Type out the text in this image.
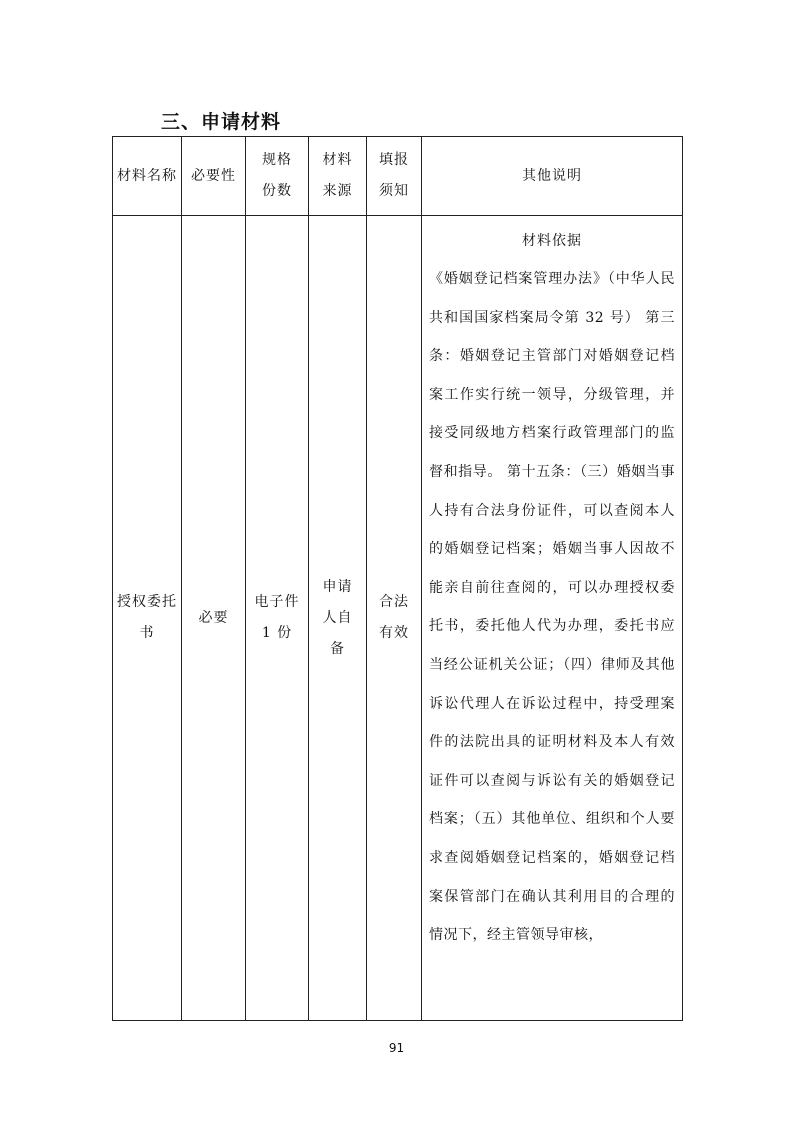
三、申请材料
材料名称	必要性	规格份数	材料来源	填报须知	其他说明

授权委托书	必要	电子件 1 份	申请人自备	合法有效	材料依据
《婚姻登记档案管理办法》（中华人民共和国国家档案局令第 32 号） 第三条：婚姻登记主管部门对婚姻登记档案工作实行统一领导，分级管理，并接受同级地方档案行政管理部门的监督和指导。 第十五条：（三）婚姻当事人持有合法身份证件，可以查阅本人的婚姻登记档案；婚姻当事人因故不能亲自前往查阅的，可以办理授权委托书，委托他人代为办理，委托书应当经公证机关公证；（四）律师及其他诉讼代理人在诉讼过程中，持受理案件的法院出具的证明材料及本人有效证件可以查阅与诉讼有关的婚姻登记档案；（五）其他单位、组织和个人要求查阅婚姻登记档案的，婚姻登记档案保管部门在确认其利用目的合理的情况下，经主管领导审核，
91
